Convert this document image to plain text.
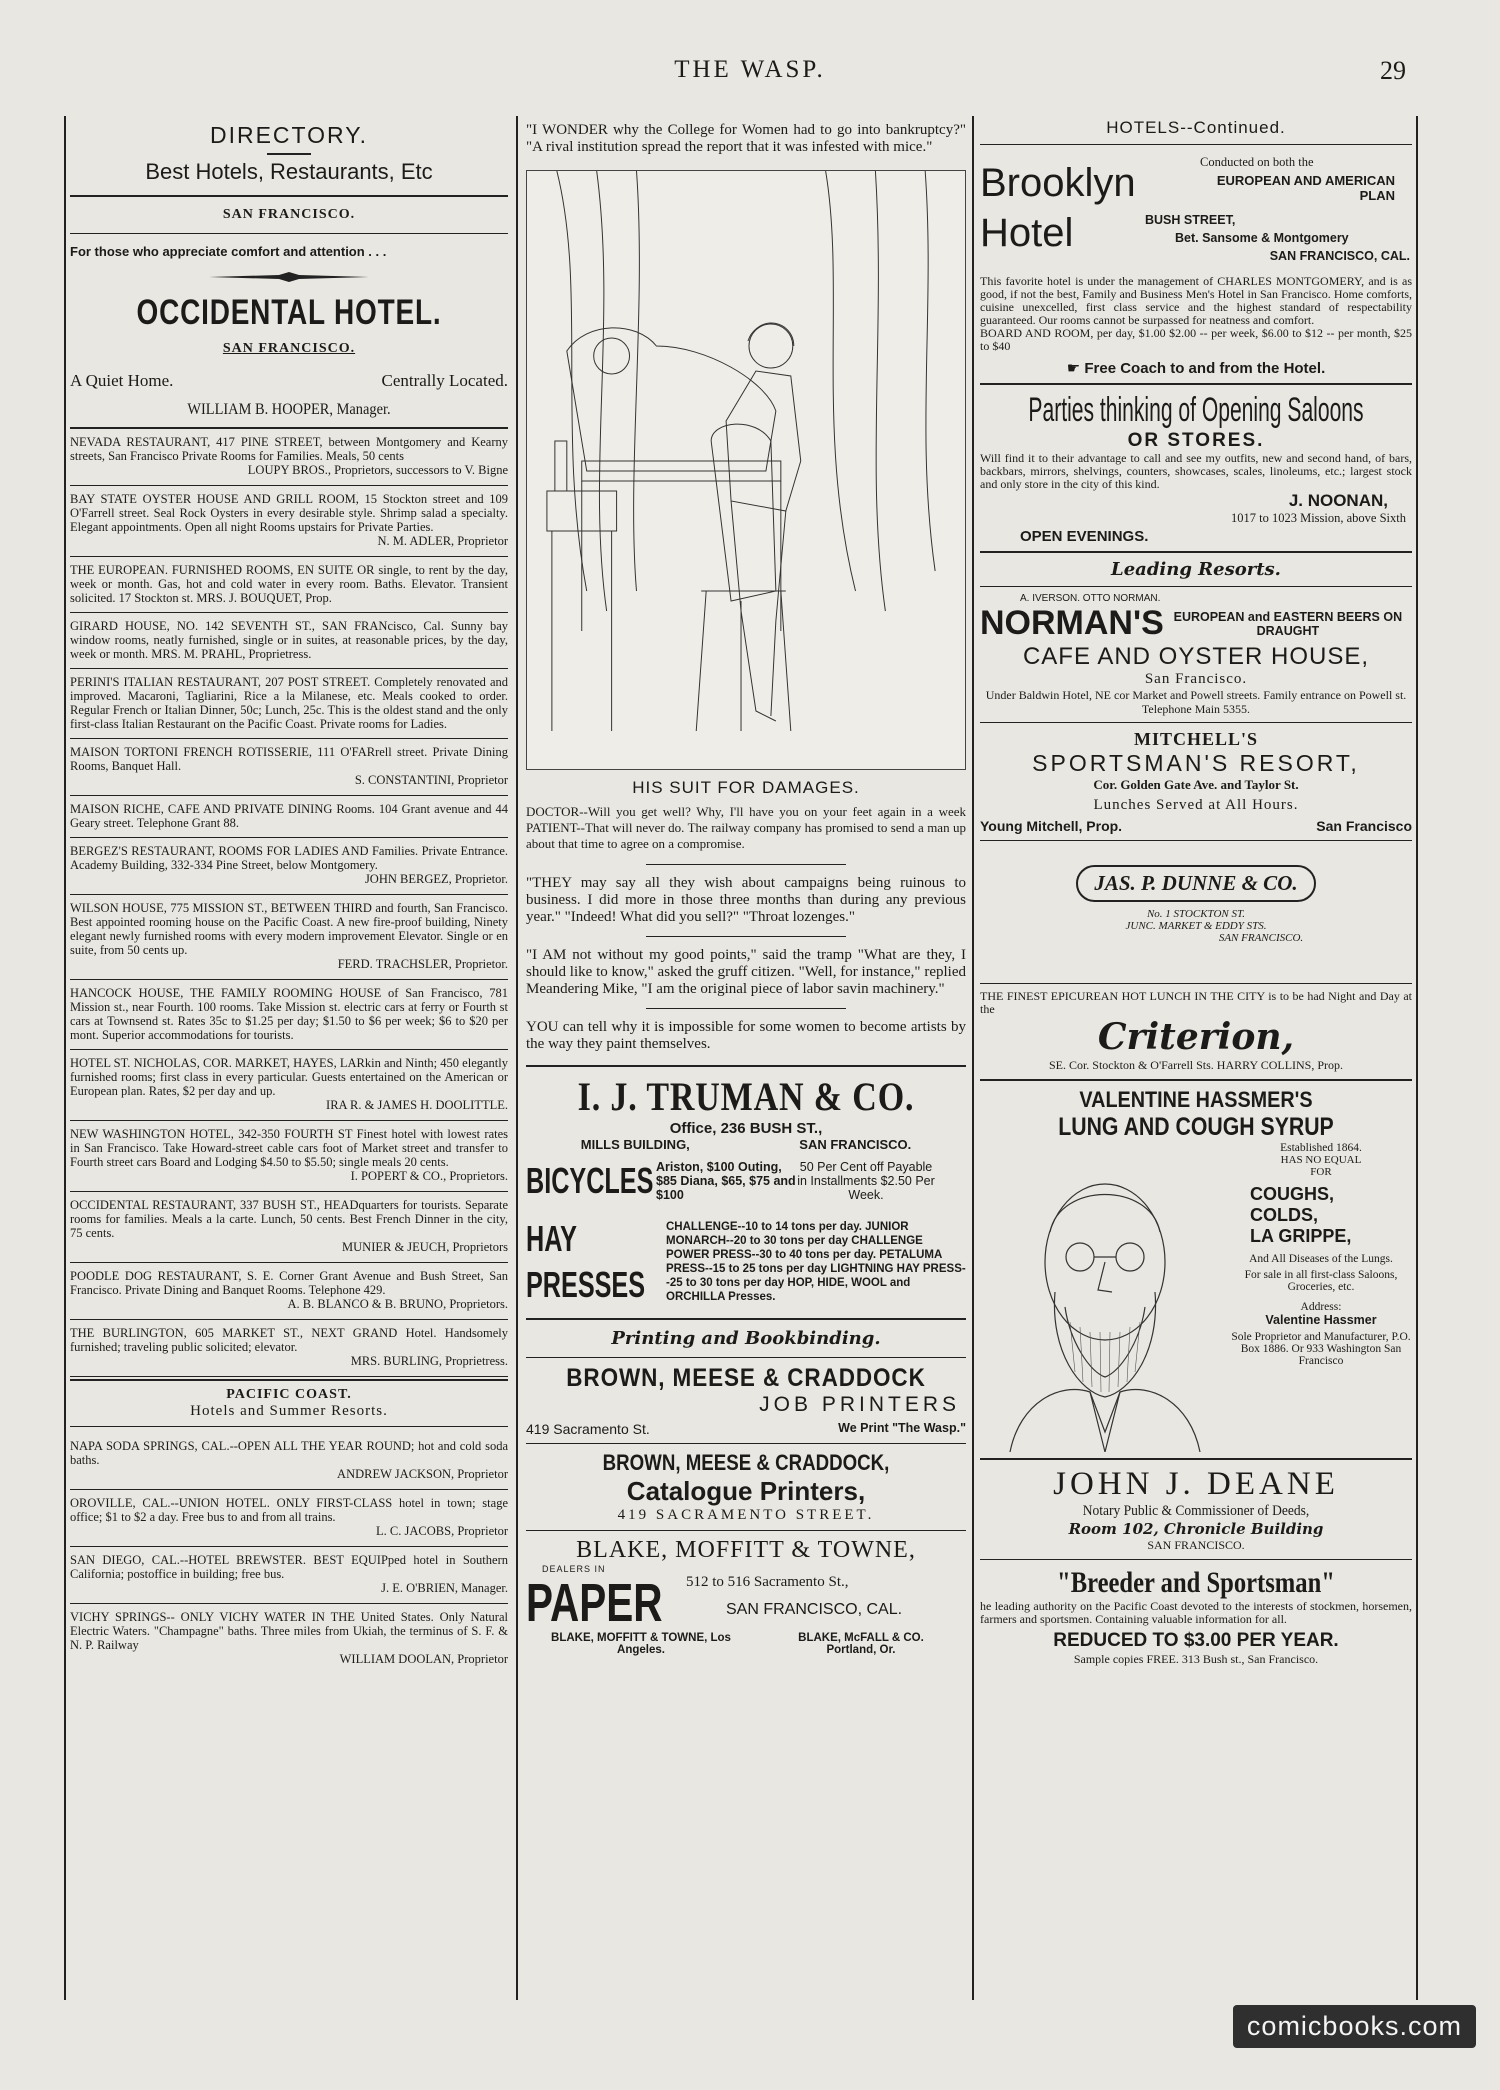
THE WASP.	29
DIRECTORY.
Best Hotels, Restaurants, Etc
SAN FRANCISCO.
For those who appreciate comfort and attention . . .
OCCIDENTAL HOTEL.
SAN FRANCISCO.
A Quiet Home.	Centrally Located.
WILLIAM B. HOOPER, Manager.
NEVADA RESTAURANT, 417 PINE STREET, between Montgomery and Kearny streets, San Francisco Private Rooms for Families. Meals, 50 cents
LOUPY BROS., Proprietors, successors to V. Bigne
BAY STATE OYSTER HOUSE AND GRILL ROOM, 15 Stockton street and 109 O'Farrell street. Seal Rock Oysters in every desirable style. Shrimp salad a specialty. Elegant appointments. Open all night Rooms upstairs for Private Parties.
N. M. ADLER, Proprietor
THE EUROPEAN. FURNISHED ROOMS, EN SUITE OR single, to rent by the day, week or month. Gas, hot and cold water in every room. Baths. Elevator. Transient solicited. 17 Stockton st. MRS. J. BOUQUET, Prop.
GIRARD HOUSE, NO. 142 SEVENTH ST., SAN FRANcisco, Cal. Sunny bay window rooms, neatly furnished, single or in suites, at reasonable prices, by the day, week or month. MRS. M. PRAHL, Proprietress.
PERINI'S ITALIAN RESTAURANT, 207 POST STREET. Completely renovated and improved. Macaroni, Tagliarini, Rice a la Milanese, etc. Meals cooked to order. Regular French or Italian Dinner, 50c; Lunch, 25c. This is the oldest stand and the only first-class Italian Restaurant on the Pacific Coast. Private rooms for Ladies.
MAISON TORTONI FRENCH ROTISSERIE, 111 O'FARrell street. Private Dining Rooms, Banquet Hall.
S. CONSTANTINI, Proprietor
MAISON RICHE, CAFE AND PRIVATE DINING Rooms. 104 Grant avenue and 44 Geary street. Telephone Grant 88.
BERGEZ'S RESTAURANT, ROOMS FOR LADIES AND Families. Private Entrance. Academy Building, 332-334 Pine Street, below Montgomery.
JOHN BERGEZ, Proprietor.
WILSON HOUSE, 775 MISSION ST., BETWEEN THIRD and fourth, San Francisco. Best appointed rooming house on the Pacific Coast. A new fire-proof building, Ninety elegant newly furnished rooms with every modern improvement Elevator. Single or en suite, from 50 cents up.
FERD. TRACHSLER, Proprietor.
HANCOCK HOUSE, THE FAMILY ROOMING HOUSE of San Francisco, 781 Mission st., near Fourth. 100 rooms. Take Mission st. electric cars at ferry or Fourth st cars at Townsend st. Rates 35c to $1.25 per day; $1.50 to $6 per week; $6 to $20 per mont. Superior accommodations for tourists.
HOTEL ST. NICHOLAS, COR. MARKET, HAYES, LARkin and Ninth; 450 elegantly furnished rooms; first class in every particular. Guests entertained on the American or European plan. Rates, $2 per day and up.
IRA R. & JAMES H. DOOLITTLE.
NEW WASHINGTON HOTEL, 342-350 FOURTH ST Finest hotel with lowest rates in San Francisco. Take Howard-street cable cars foot of Market street and transfer to Fourth street cars Board and Lodging $4.50 to $5.50; single meals 20 cents.
I. POPERT & CO., Proprietors.
OCCIDENTAL RESTAURANT, 337 BUSH ST., HEADquarters for tourists. Separate rooms for families. Meals a la carte. Lunch, 50 cents. Best French Dinner in the city, 75 cents.
MUNIER & JEUCH, Proprietors
POODLE DOG RESTAURANT, S. E. Corner Grant Avenue and Bush Street, San Francisco. Private Dining and Banquet Rooms. Telephone 429.
A. B. BLANCO & B. BRUNO, Proprietors.
THE BURLINGTON, 605 MARKET ST., NEXT GRAND Hotel. Handsomely furnished; traveling public solicited; elevator.
MRS. BURLING, Proprietress.
PACIFIC COAST.
Hotels and Summer Resorts.
NAPA SODA SPRINGS, CAL.--OPEN ALL THE YEAR ROUND; hot and cold soda baths.
ANDREW JACKSON, Proprietor
OROVILLE, CAL.--UNION HOTEL. ONLY FIRST-CLASS hotel in town; stage office; $1 to $2 a day. Free bus to and from all trains.
L. C. JACOBS, Proprietor
SAN DIEGO, CAL.--HOTEL BREWSTER. BEST EQUIPped hotel in Southern California; postoffice in building; free bus.
J. E. O'BRIEN, Manager.
VICHY SPRINGS-- ONLY VICHY WATER IN THE United States. Only Natural Electric Waters. "Champagne" baths. Three miles from Ukiah, the terminus of S. F. & N. P. Railway
WILLIAM DOOLAN, Proprietor
"I WONDER why the College for Women had to go into bankruptcy?" "A rival institution spread the report that it was infested with mice."
HIS SUIT FOR DAMAGES.
DOCTOR--Will you get well? Why, I'll have you on your feet again in a week PATIENT--That will never do. The railway company has promised to send a man up about that time to agree on a compromise.
"THEY may say all they wish about campaigns being ruinous to business. I did more in those three months than during any previous year." "Indeed! What did you sell?" "Throat lozenges."
"I AM not without my good points," said the tramp "What are they, I should like to know," asked the gruff citizen. "Well, for instance," replied Meandering Mike, "I am the original piece of labor savin machinery."
YOU can tell why it is impossible for some women to become artists by the way they paint themselves.
I. J. TRUMAN & CO.
Office, 236 BUSH ST.,
MILLS BUILDING,	SAN FRANCISCO.
BICYCLES Ariston, $100 Outing, $85 Diana, $65, $75 and $100
50 Per Cent off Payable in Installments $2.50 Per Week.
HAY
PRESSES
CHALLENGE--10 to 14 tons per day. JUNIOR MONARCH--20 to 30 tons per day CHALLENGE POWER PRESS--30 to 40 tons per day. PETALUMA PRESS--15 to 25 tons per day LIGHTNING HAY PRESS--25 to 30 tons per day HOP, HIDE, WOOL and ORCHILLA Presses.
Printing and Bookbinding.
BROWN, MEESE & CRADDOCK
JOB PRINTERS
419 Sacramento St.	We Print "The Wasp."
BROWN, MEESE & CRADDOCK,
Catalogue Printers,
419 SACRAMENTO STREET.
BLAKE, MOFFITT & TOWNE,
DEALERS IN
PAPER 512 to 516 Sacramento St.,
SAN FRANCISCO, CAL.
BLAKE, MOFFITT & TOWNE, Los Angeles.
BLAKE, McFALL & CO. Portland, Or.
HOTELS--Continued.
Brooklyn
Hotel
Conducted on both the
EUROPEAN AND AMERICAN PLAN
BUSH STREET,
Bet. Sansome & Montgomery
SAN FRANCISCO, CAL.
This favorite hotel is under the management of CHARLES MONTGOMERY, and is as good, if not the best, Family and Business Men's Hotel in San Francisco. Home comforts, cuisine unexcelled, first class service and the highest standard of respectability guaranteed. Our rooms cannot be surpassed for neatness and comfort.
BOARD AND ROOM, per day, $1.00 $2.00 -- per week, $6.00 to $12 -- per month, $25 to $40
☛ Free Coach to and from the Hotel.
Parties thinking of Opening Saloons
OR STORES.
Will find it to their advantage to call and see my outfits, new and second hand, of bars, backbars, mirrors, shelvings, counters, showcases, scales, linoleums, etc.; largest stock and only store in the city of this kind.
J. NOONAN,
1017 to 1023 Mission, above Sixth
OPEN EVENINGS.
Leading Resorts.
A. IVERSON. OTTO NORMAN.
NORMAN'S EUROPEAN and EASTERN BEERS ON DRAUGHT
CAFE AND OYSTER HOUSE,
San Francisco.
Under Baldwin Hotel, NE cor Market and Powell streets. Family entrance on Powell st. Telephone Main 5355.
MITCHELL'S
SPORTSMAN'S RESORT,
Cor. Golden Gate Ave. and Taylor St.
Lunches Served at All Hours.
Young Mitchell, Prop.	San Francisco
JAS. P. DUNNE & CO.
No. 1 STOCKTON ST.
JUNC. MARKET & EDDY STS.
SAN FRANCISCO.
THE FINEST EPICUREAN HOT LUNCH IN THE CITY is to be had Night and Day at the
Criterion,
SE. Cor. Stockton & O'Farrell Sts. HARRY COLLINS, Prop.
VALENTINE HASSMER'S
LUNG AND COUGH SYRUP
Established 1864.
HAS NO EQUAL FOR
COUGHS,
COLDS,
LA GRIPPE,
And All Diseases of the Lungs.
For sale in all first-class Saloons, Groceries, etc.
Address:
Valentine Hassmer
Sole Proprietor and Manufacturer, P.O. Box 1886. Or 933 Washington San Francisco
JOHN J. DEANE
Notary Public & Commissioner of Deeds,
Room 102, Chronicle Building
SAN FRANCISCO.
"Breeder and Sportsman"
he leading authority on the Pacific Coast devoted to the interests of stockmen, horsemen, farmers and sportsmen. Containing valuable information for all.
REDUCED TO $3.00 PER YEAR.
Sample copies FREE. 313 Bush st., San Francisco.
comicbooks.com
